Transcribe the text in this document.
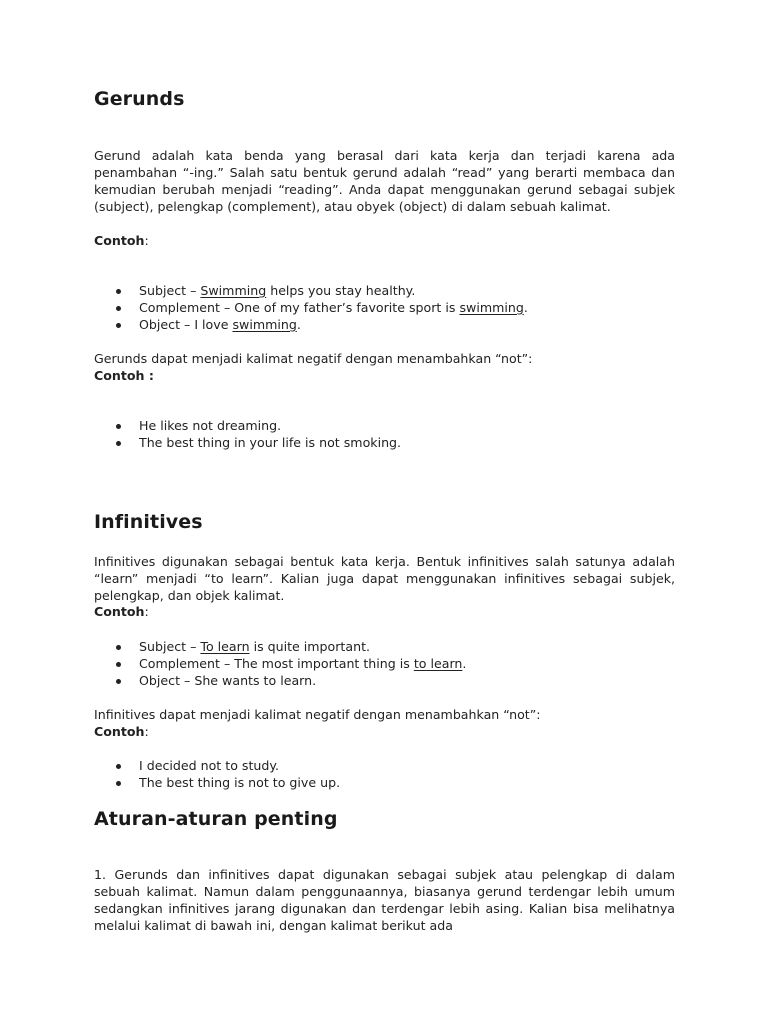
Gerunds

Gerund adalah kata benda yang berasal dari kata kerja dan terjadi karena ada penambahan “-ing.” Salah satu bentuk gerund adalah “read” yang berarti membaca dan kemudian berubah menjadi “reading”. Anda dapat menggunakan gerund sebagai subjek (subject), pelengkap (complement), atau obyek (object) di dalam sebuah kalimat.

Contoh:
Subject – Swimming helps you stay healthy.
Complement – One of my father’s favorite sport is swimming.
Object – I love swimming.

Gerunds dapat menjadi kalimat negatif dengan menambahkan “not”:

Contoh :
He likes not dreaming.
The best thing in your life is not smoking.
Infinitives

Infinitives digunakan sebagai bentuk kata kerja. Bentuk infinitives salah satunya adalah “learn” menjadi “to learn”. Kalian juga dapat menggunakan infinitives sebagai subjek, pelengkap, dan objek kalimat.

Contoh:
Subject – To learn is quite important.
Complement – The most important thing is to learn.
Object – She wants to learn.

Infinitives dapat menjadi kalimat negatif dengan menambahkan “not”:

Contoh:
I decided not to study.
The best thing is not to give up.
Aturan-aturan penting

1. Gerunds dan infinitives dapat digunakan sebagai subjek atau pelengkap di dalam sebuah kalimat. Namun dalam penggunaannya, biasanya gerund terdengar lebih umum sedangkan infinitives jarang digunakan dan terdengar lebih asing. Kalian bisa melihatnya melalui kalimat di bawah ini, dengan kalimat berikut ada
